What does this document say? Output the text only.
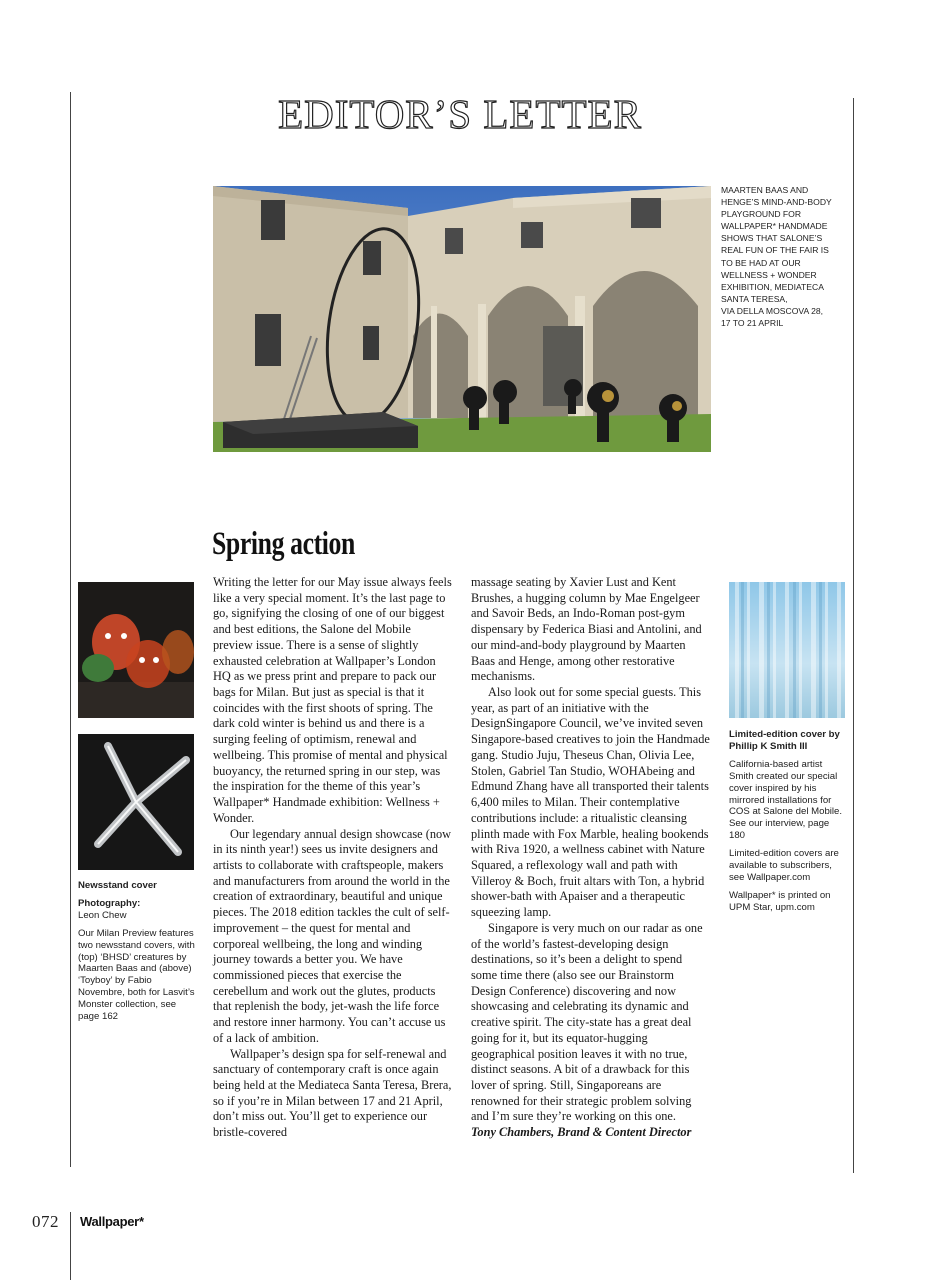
EDITOR’S LETTER
MAARTEN BAAS AND
HENGE’S MIND-AND-BODY
PLAYGROUND FOR
WALLPAPER* HANDMADE
SHOWS THAT SALONE’S
REAL FUN OF THE FAIR IS
TO BE HAD AT OUR
WELLNESS + WONDER
EXHIBITION, MEDIATECA
SANTA TERESA,
VIA DELLA MOSCOVA 28,
17 TO 21 APRIL
Spring action

Writing the letter for our May issue always feels like a very special moment. It’s the last page to go, signifying the closing of one of our biggest and best editions, the Salone del Mobile preview issue. There is a sense of slightly exhausted celebration at Wallpaper’s London HQ as we press print and prepare to pack our bags for Milan. But just as special is that it coincides with the first shoots of spring. The dark cold winter is behind us and there is a surging feeling of optimism, renewal and wellbeing. This promise of mental and physical buoyancy, the returned spring in our step, was the inspiration for the theme of this year’s Wallpaper* Handmade exhibition: Wellness + Wonder.

Our legendary annual design showcase (now in its ninth year!) sees us invite designers and artists to collaborate with craftspeople, makers and manufacturers from around the world in the creation of extraordinary, beautiful and unique pieces. The 2018 edition tackles the cult of self-improvement – the quest for mental and corporeal wellbeing, the long and winding journey towards a better you. We have commissioned pieces that exercise the cerebellum and work out the glutes, products that replenish the body, jet-wash the life force and restore inner harmony. You can’t accuse us of a lack of ambition.

Wallpaper’s design spa for self-renewal and sanctuary of contemporary craft is once again being held at the Mediateca Santa Teresa, Brera, so if you’re in Milan between 17 and 21 April, don’t miss out. You’ll get to experience our bristle-covered

massage seating by Xavier Lust and Kent Brushes, a hugging column by Mae Engelgeer and Savoir Beds, an Indo-Roman post-gym dispensary by Federica Biasi and Antolini, and our mind-and-body playground by Maarten Baas and Henge, among other restorative mechanisms.

Also look out for some special guests. This year, as part of an initiative with the DesignSingapore Council, we’ve invited seven Singapore-based creatives to join the Handmade gang. Studio Juju, Theseus Chan, Olivia Lee, Stolen, Gabriel Tan Studio, WOHAbeing and Edmund Zhang have all transported their talents 6,400 miles to Milan. Their contemplative contributions include: a ritualistic cleansing plinth made with Fox Marble, healing bookends with Riva 1920, a wellness cabinet with Nature Squared, a reflexology wall and path with Villeroy & Boch, fruit altars with Ton, a hybrid shower-bath with Apaiser and a therapeutic squeezing lamp.

Singapore is very much on our radar as one of the world’s fastest-developing design destinations, so it’s been a delight to spend some time there (also see our Brainstorm Design Conference) discovering and now showcasing and celebrating its dynamic and creative spirit. The city-state has a great deal going for it, but its equator-hugging geographical position leaves it with no true, distinct seasons. A bit of a drawback for this lover of spring. Still, Singaporeans are renowned for their strategic problem solving and I’m sure they’re working on this one.

Tony Chambers, Brand & Content Director

Newsstand cover
Photography:
Leon Chew
Our Milan Preview features two newsstand covers, with (top) ‘BHSD’ creatures by Maarten Baas and (above) ‘Toyboy’ by Fabio Novembre, both for Lasvit’s Monster collection, see page 162
Limited-edition cover by Phillip K Smith III
California-based artist Smith created our special cover inspired by his mirrored installations for COS at Salone del Mobile. See our interview, page 180
Limited-edition covers are available to subscribers, see Wallpaper.com
Wallpaper* is printed on UPM Star, upm.com
072 Wallpaper*
